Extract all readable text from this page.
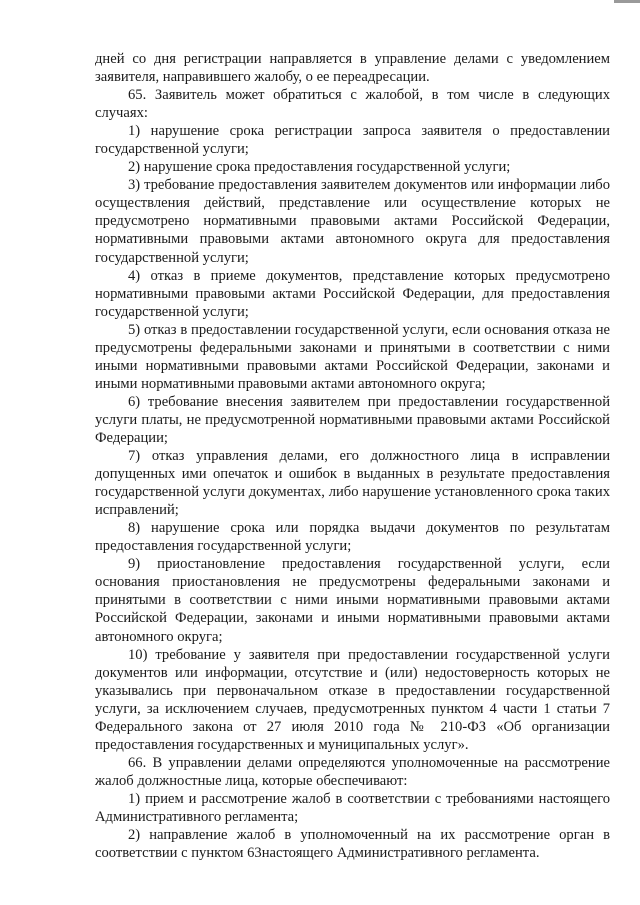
дней со дня регистрации направляется в управление делами с уведомлением заявителя, направившего жалобу, о ее переадресации.

65. Заявитель может обратиться с жалобой, в том числе в следующих случаях:

1) нарушение срока регистрации запроса заявителя о предоставлении государственной услуги;

2) нарушение срока предоставления государственной услуги;

3) требование предоставления заявителем документов или информации либо осуществления действий, представление или осуществление которых не предусмотрено нормативными правовыми актами Российской Федерации, нормативными правовыми актами автономного округа для предоставления государственной услуги;

4) отказ в приеме документов, представление которых предусмотрено нормативными правовыми актами Российской Федерации, для предоставления государственной услуги;

5) отказ в предоставлении государственной услуги, если основания отказа не предусмотрены федеральными законами и принятыми в соответствии с ними иными нормативными правовыми актами Российской Федерации, законами и иными нормативными правовыми актами автономного округа;

6) требование внесения заявителем при предоставлении государственной услуги платы, не предусмотренной нормативными правовыми актами Российской Федерации;

7) отказ управления делами, его должностного лица в исправлении допущенных ими опечаток и ошибок в выданных в результате предоставления государственной услуги документах, либо нарушение установленного срока таких исправлений;

8) нарушение срока или порядка выдачи документов по результатам предоставления государственной услуги;

9) приостановление предоставления государственной услуги, если основания приостановления не предусмотрены федеральными законами и принятыми в соответствии с ними иными нормативными правовыми актами Российской Федерации, законами и иными нормативными правовыми актами автономного округа;

10) требование у заявителя при предоставлении государственной услуги документов или информации, отсутствие и (или) недостоверность которых не указывались при первоначальном отказе в предоставлении государственной услуги, за исключением случаев, предусмотренных пунктом 4 части 1 статьи 7 Федерального закона от 27 июля 2010 года № 210-ФЗ «Об организации предоставления государственных и муниципальных услуг».

66. В управлении делами определяются уполномоченные на рассмотрение жалоб должностные лица, которые обеспечивают:

1) прием и рассмотрение жалоб в соответствии с требованиями настоящего Административного регламента;

2) направление жалоб в уполномоченный на их рассмотрение орган в соответствии с пунктом 63настоящего Административного регламента.
